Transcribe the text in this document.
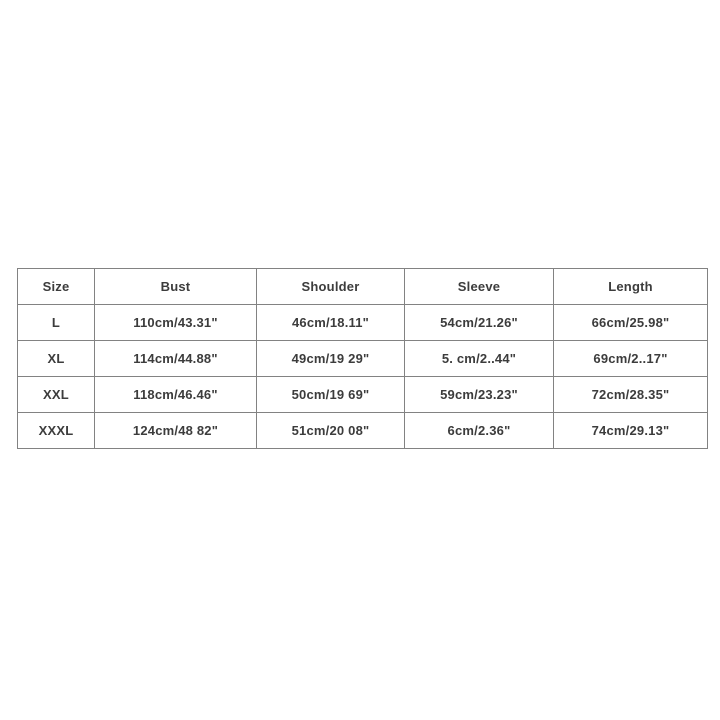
Size	Bust	Shoulder	Sleeve	Length
L	110cm/43.31"	46cm/18.11"	54cm/21.26"	66cm/25.98"
XL	114cm/44.88"	49cm/19 29"	5. cm/2..44"	69cm/2..17"
XXL	118cm/46.46"	50cm/19 69"	59cm/23.23"	72cm/28.35"
XXXL	124cm/48 82"	51cm/20 08"	6cm/2.36"	74cm/29.13"
